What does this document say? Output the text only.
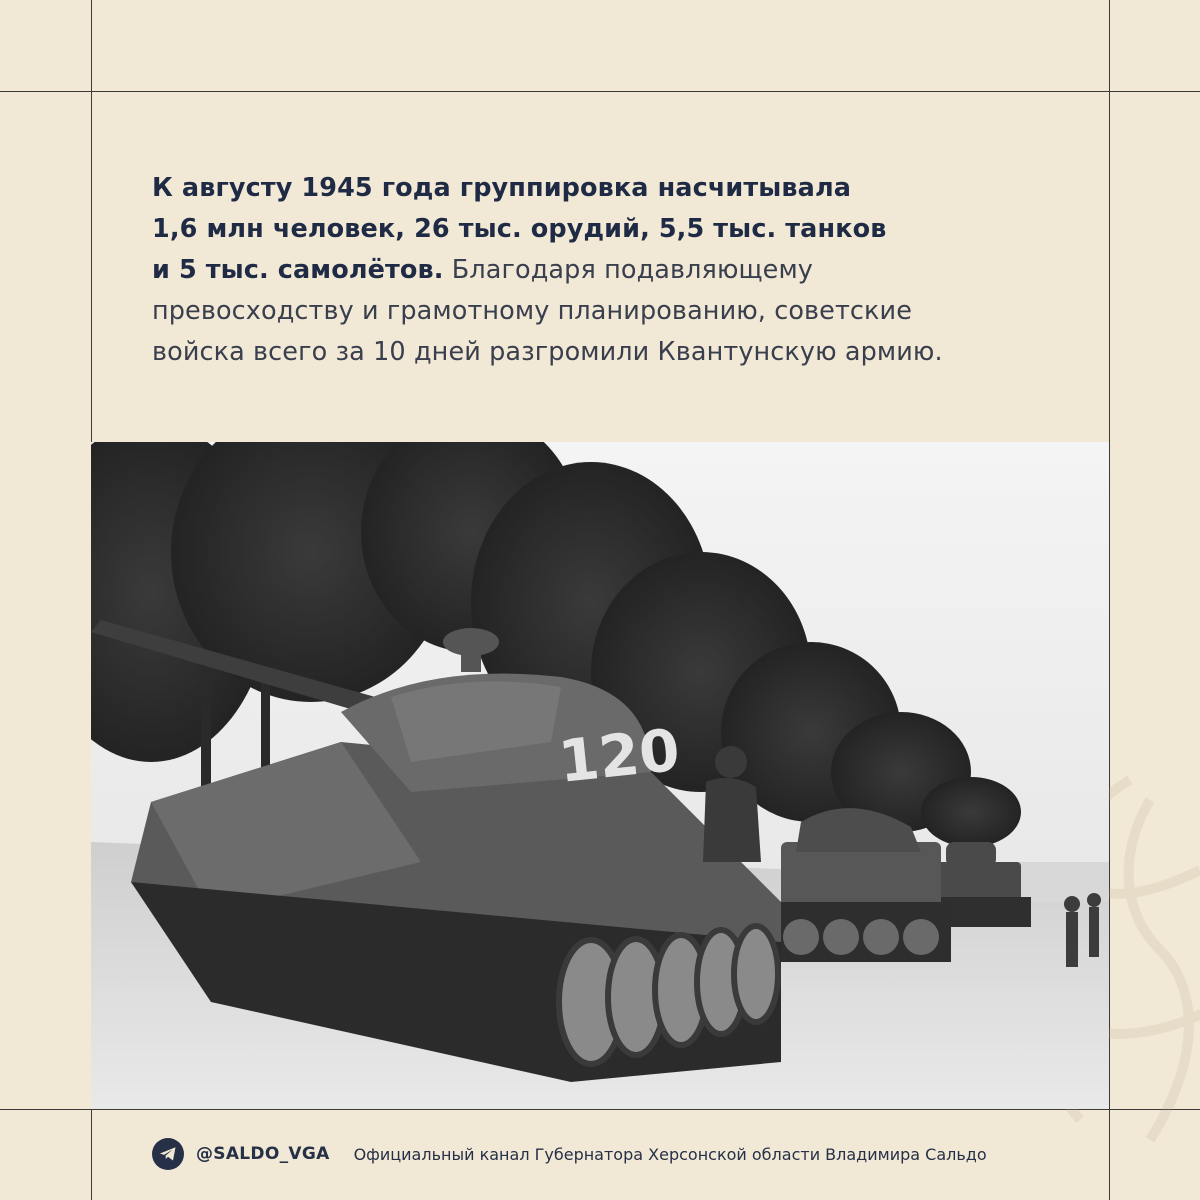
К августу 1945 года группировка насчитывала
1,6 млн человек, 26 тыс. орудий, 5,5 тыс. танков
и 5 тыс. самолётов. Благодаря подавляющему
превосходству и грамотному планированию, советские
войска всего за 10 дней разгромили Квантунскую армию.
120
@SALDO_VGA Официальный канал Губернатора Херсонской области Владимира Сальдо
